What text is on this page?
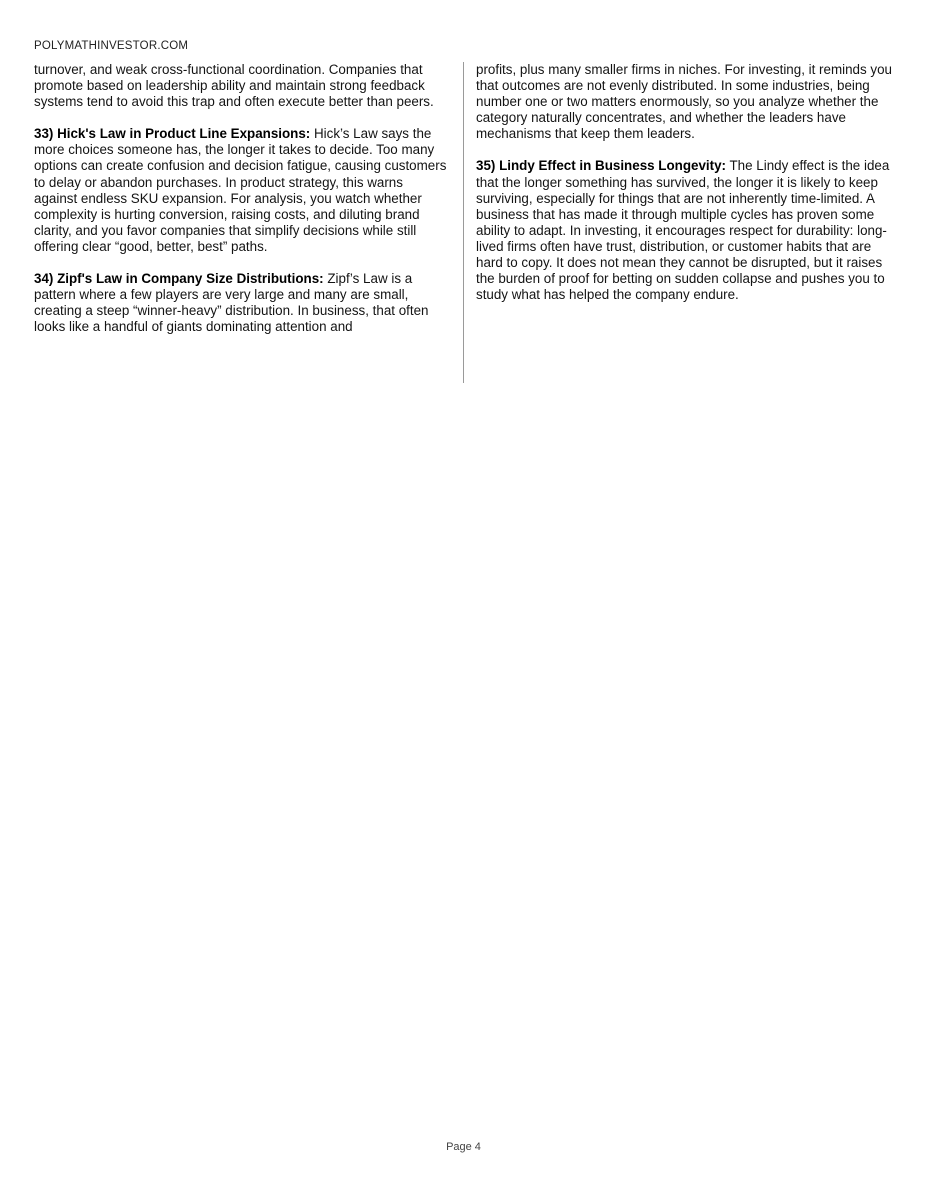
POLYMATHINVESTOR.COM

turnover, and weak cross-functional coordination. Companies that promote based on leadership ability and maintain strong feedback systems tend to avoid this trap and often execute better than peers.

33) Hick's Law in Product Line Expansions: Hick’s Law says the more choices someone has, the longer it takes to decide. Too many options can create confusion and decision fatigue, causing customers to delay or abandon purchases. In product strategy, this warns against endless SKU expansion. For analysis, you watch whether complexity is hurting conversion, raising costs, and diluting brand clarity, and you favor companies that simplify decisions while still offering clear “good, better, best” paths.

34) Zipf's Law in Company Size Distributions: Zipf’s Law is a pattern where a few players are very large and many are small, creating a steep “winner-heavy” distribution. In business, that often looks like a handful of giants dominating attention and

profits, plus many smaller firms in niches. For investing, it reminds you that outcomes are not evenly distributed. In some industries, being number one or two matters enormously, so you analyze whether the category naturally concentrates, and whether the leaders have mechanisms that keep them leaders.

35) Lindy Effect in Business Longevity: The Lindy effect is the idea that the longer something has survived, the longer it is likely to keep surviving, especially for things that are not inherently time-limited. A business that has made it through multiple cycles has proven some ability to adapt. In investing, it encourages respect for durability: long-lived firms often have trust, distribution, or customer habits that are hard to copy. It does not mean they cannot be disrupted, but it raises the burden of proof for betting on sudden collapse and pushes you to study what has helped the company endure.

Page 4
